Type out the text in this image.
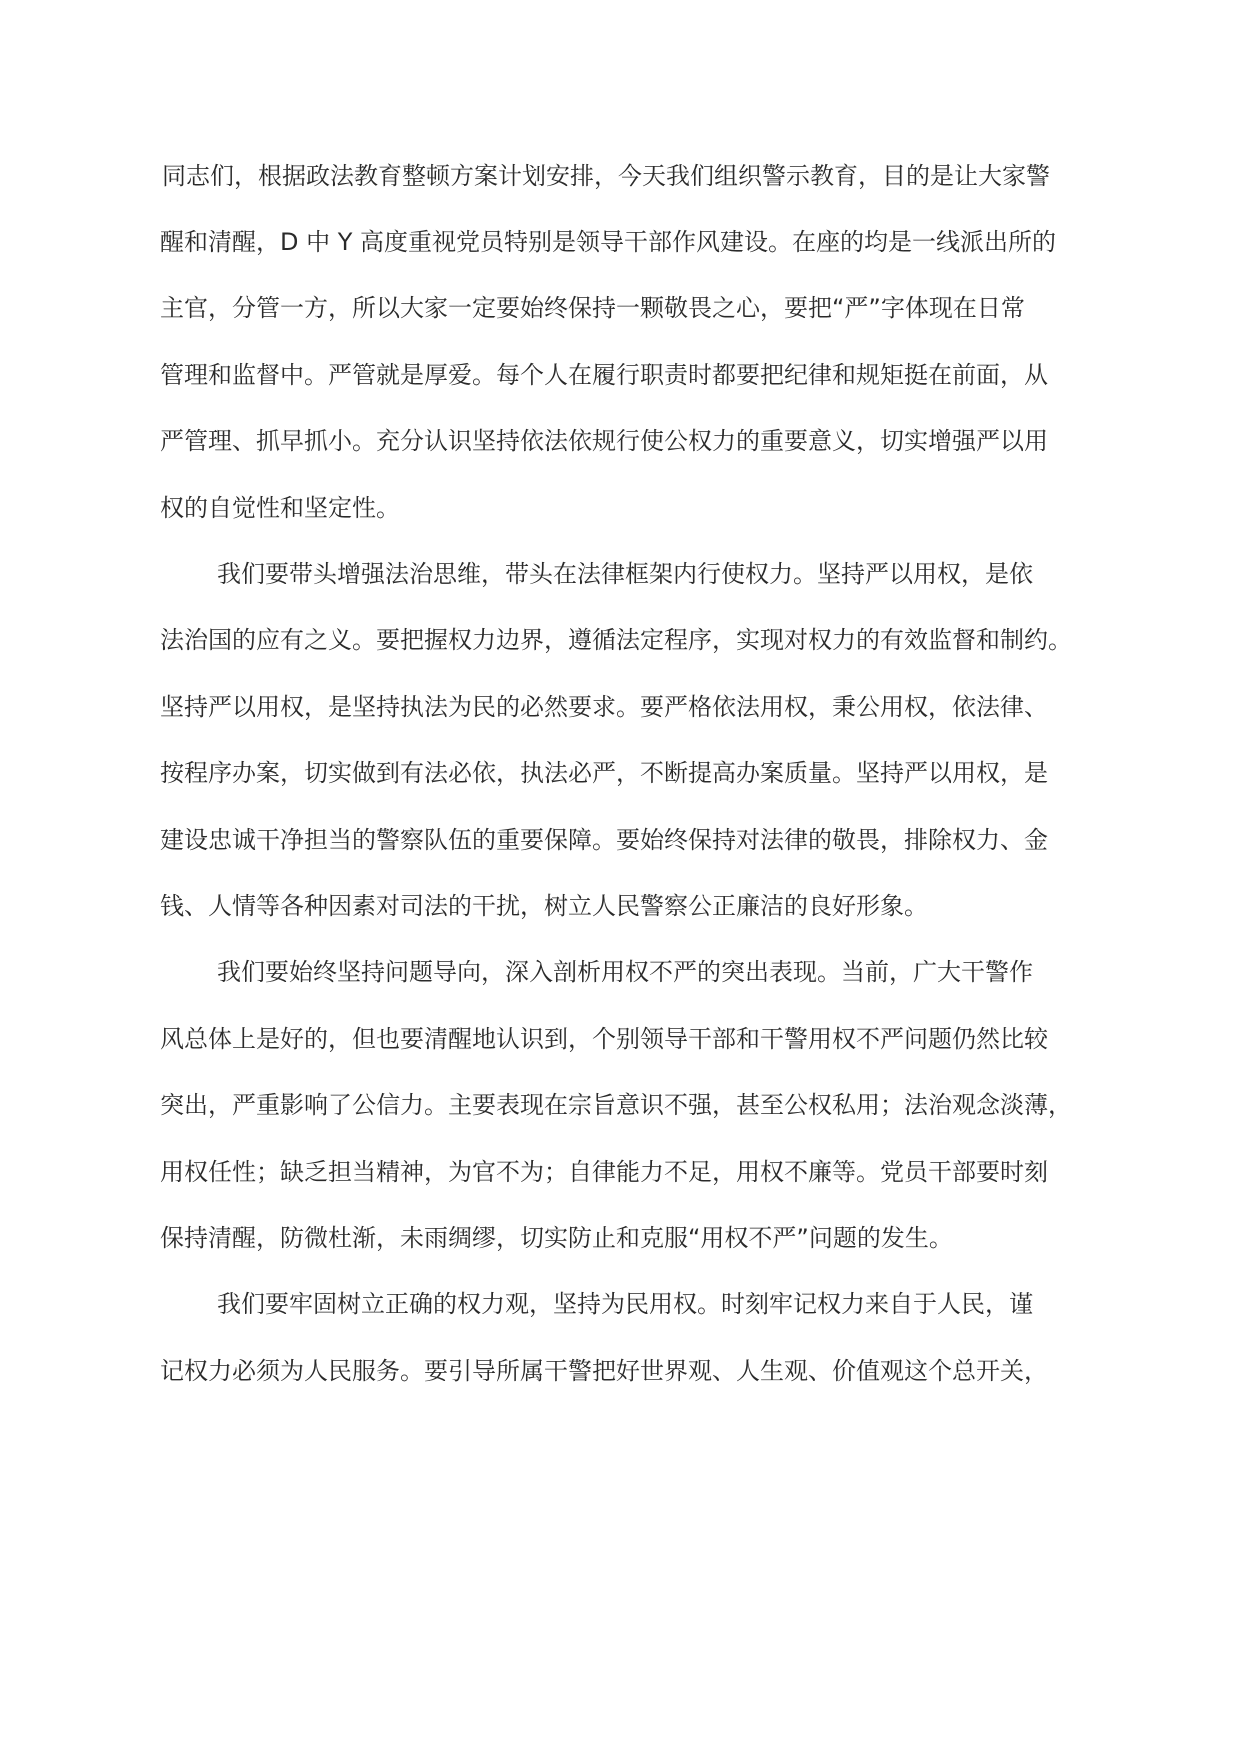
同志们，根据政法教育整顿方案计划安排，今天我们组织警示教育，目的是让大家警
醒和清醒，D 中 Y 高度重视党员特别是领导干部作风建设。在座的均是一线派出所的
主官，分管一方，所以大家一定要始终保持一颗敬畏之心，要把“严”字体现在日常
管理和监督中。严管就是厚爱。每个人在履行职责时都要把纪律和规矩挺在前面，从
严管理、抓早抓小。充分认识坚持依法依规行使公权力的重要意义，切实增强严以用
权的自觉性和坚定性。
我们要带头增强法治思维，带头在法律框架内行使权力。坚持严以用权，是依
法治国的应有之义。要把握权力边界，遵循法定程序，实现对权力的有效监督和制约。
坚持严以用权，是坚持执法为民的必然要求。要严格依法用权，秉公用权，依法律、
按程序办案，切实做到有法必依，执法必严，不断提高办案质量。坚持严以用权，是
建设忠诚干净担当的警察队伍的重要保障。要始终保持对法律的敬畏，排除权力、金
钱、人情等各种因素对司法的干扰，树立人民警察公正廉洁的良好形象。
我们要始终坚持问题导向，深入剖析用权不严的突出表现。当前，广大干警作
风总体上是好的，但也要清醒地认识到，个别领导干部和干警用权不严问题仍然比较
突出，严重影响了公信力。主要表现在宗旨意识不强，甚至公权私用；法治观念淡薄，
用权任性；缺乏担当精神，为官不为；自律能力不足，用权不廉等。党员干部要时刻
保持清醒，防微杜渐，未雨绸缪，切实防止和克服“用权不严”问题的发生。
我们要牢固树立正确的权力观，坚持为民用权。时刻牢记权力来自于人民，谨
记权力必须为人民服务。要引导所属干警把好世界观、人生观、价值观这个总开关，
